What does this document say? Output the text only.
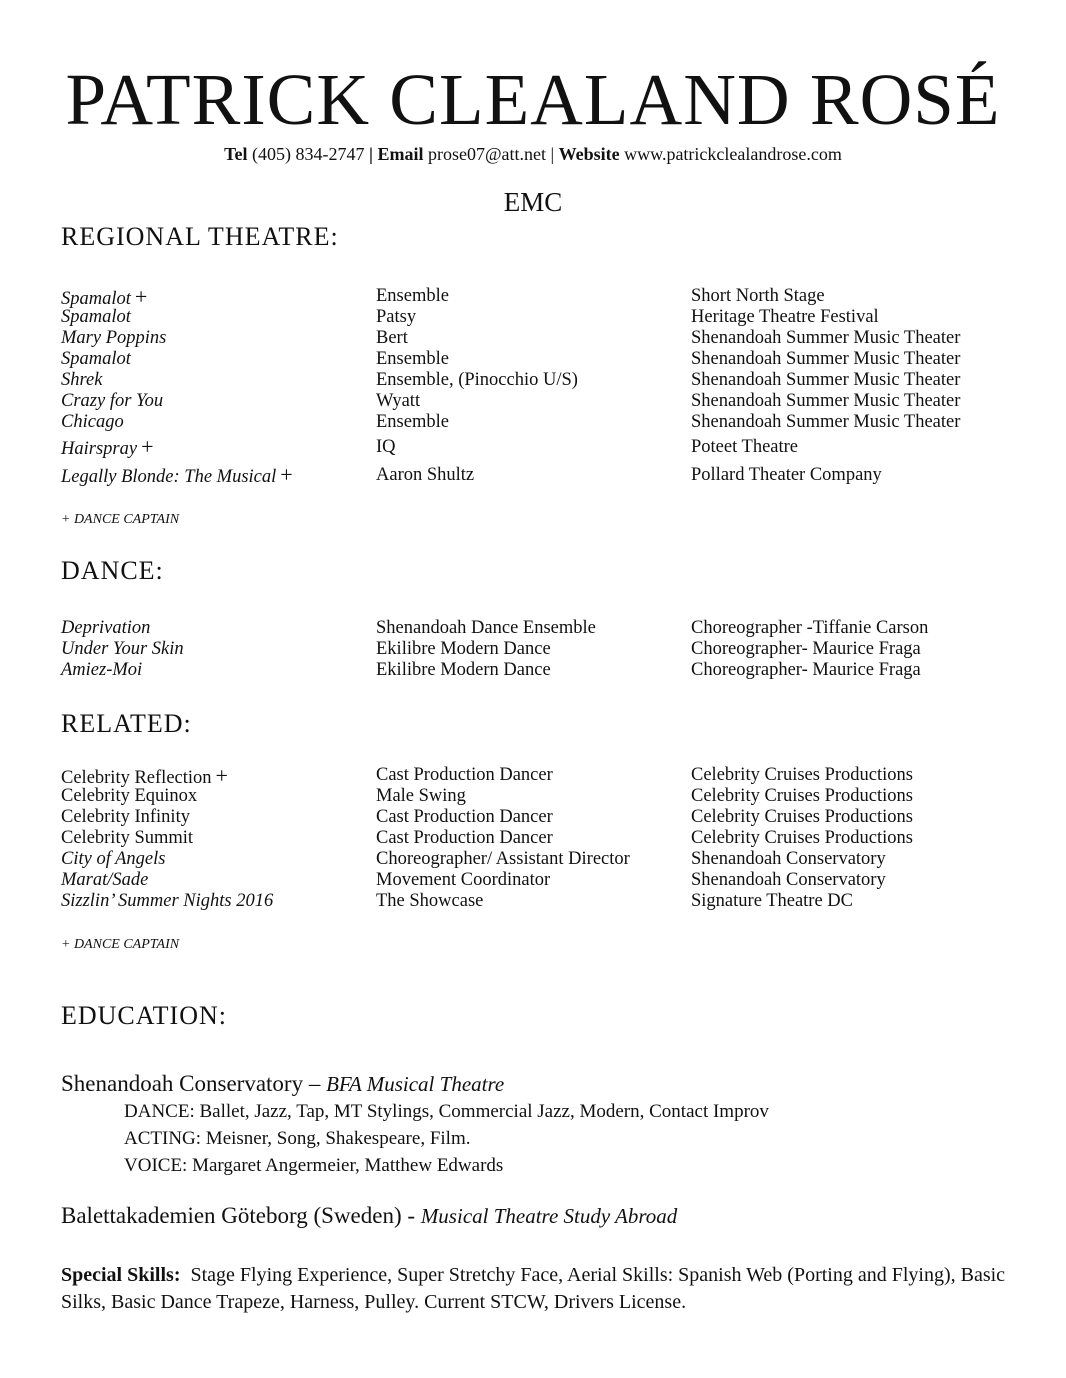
PATRICK CLEALAND ROSÉ
Tel (405) 834-2747 | Email prose07@att.net | Website www.patrickclealandrose.com
EMC
REGIONAL THEATRE:
Spamalot +	Ensemble	Short North Stage
Spamalot	Patsy	Heritage Theatre Festival
Mary Poppins	Bert	Shenandoah Summer Music Theater
Spamalot	Ensemble	Shenandoah Summer Music Theater
Shrek	Ensemble, (Pinocchio U/S)	Shenandoah Summer Music Theater
Crazy for You	Wyatt	Shenandoah Summer Music Theater
Chicago	Ensemble	Shenandoah Summer Music Theater
Hairspray +	IQ	Poteet Theatre
Legally Blonde: The Musical +	Aaron Shultz	Pollard Theater Company
+ DANCE CAPTAIN
DANCE:
Deprivation	Shenandoah Dance Ensemble	Choreographer -Tiffanie Carson
Under Your Skin	Ekilibre Modern Dance	Choreographer- Maurice Fraga
Amiez-Moi	Ekilibre Modern Dance	Choreographer- Maurice Fraga
RELATED:
Celebrity Reflection +	Cast Production Dancer	Celebrity Cruises Productions
Celebrity Equinox	Male Swing	Celebrity Cruises Productions
Celebrity Infinity	Cast Production Dancer	Celebrity Cruises Productions
Celebrity Summit	Cast Production Dancer	Celebrity Cruises Productions
City of Angels	Choreographer/ Assistant Director	Shenandoah Conservatory
Marat/Sade	Movement Coordinator	Shenandoah Conservatory
Sizzlin’ Summer Nights 2016	The Showcase	Signature Theatre DC
+ DANCE CAPTAIN
EDUCATION:
Shenandoah Conservatory – BFA Musical Theatre
DANCE: Ballet, Jazz, Tap, MT Stylings, Commercial Jazz, Modern, Contact Improv
ACTING: Meisner, Song, Shakespeare, Film.
VOICE: Margaret Angermeier, Matthew Edwards
Balettakademien Göteborg (Sweden) - Musical Theatre Study Abroad
Special Skills: Stage Flying Experience, Super Stretchy Face, Aerial Skills: Spanish Web (Porting and Flying), Basic Silks, Basic Dance Trapeze, Harness, Pulley. Current STCW, Drivers License.
